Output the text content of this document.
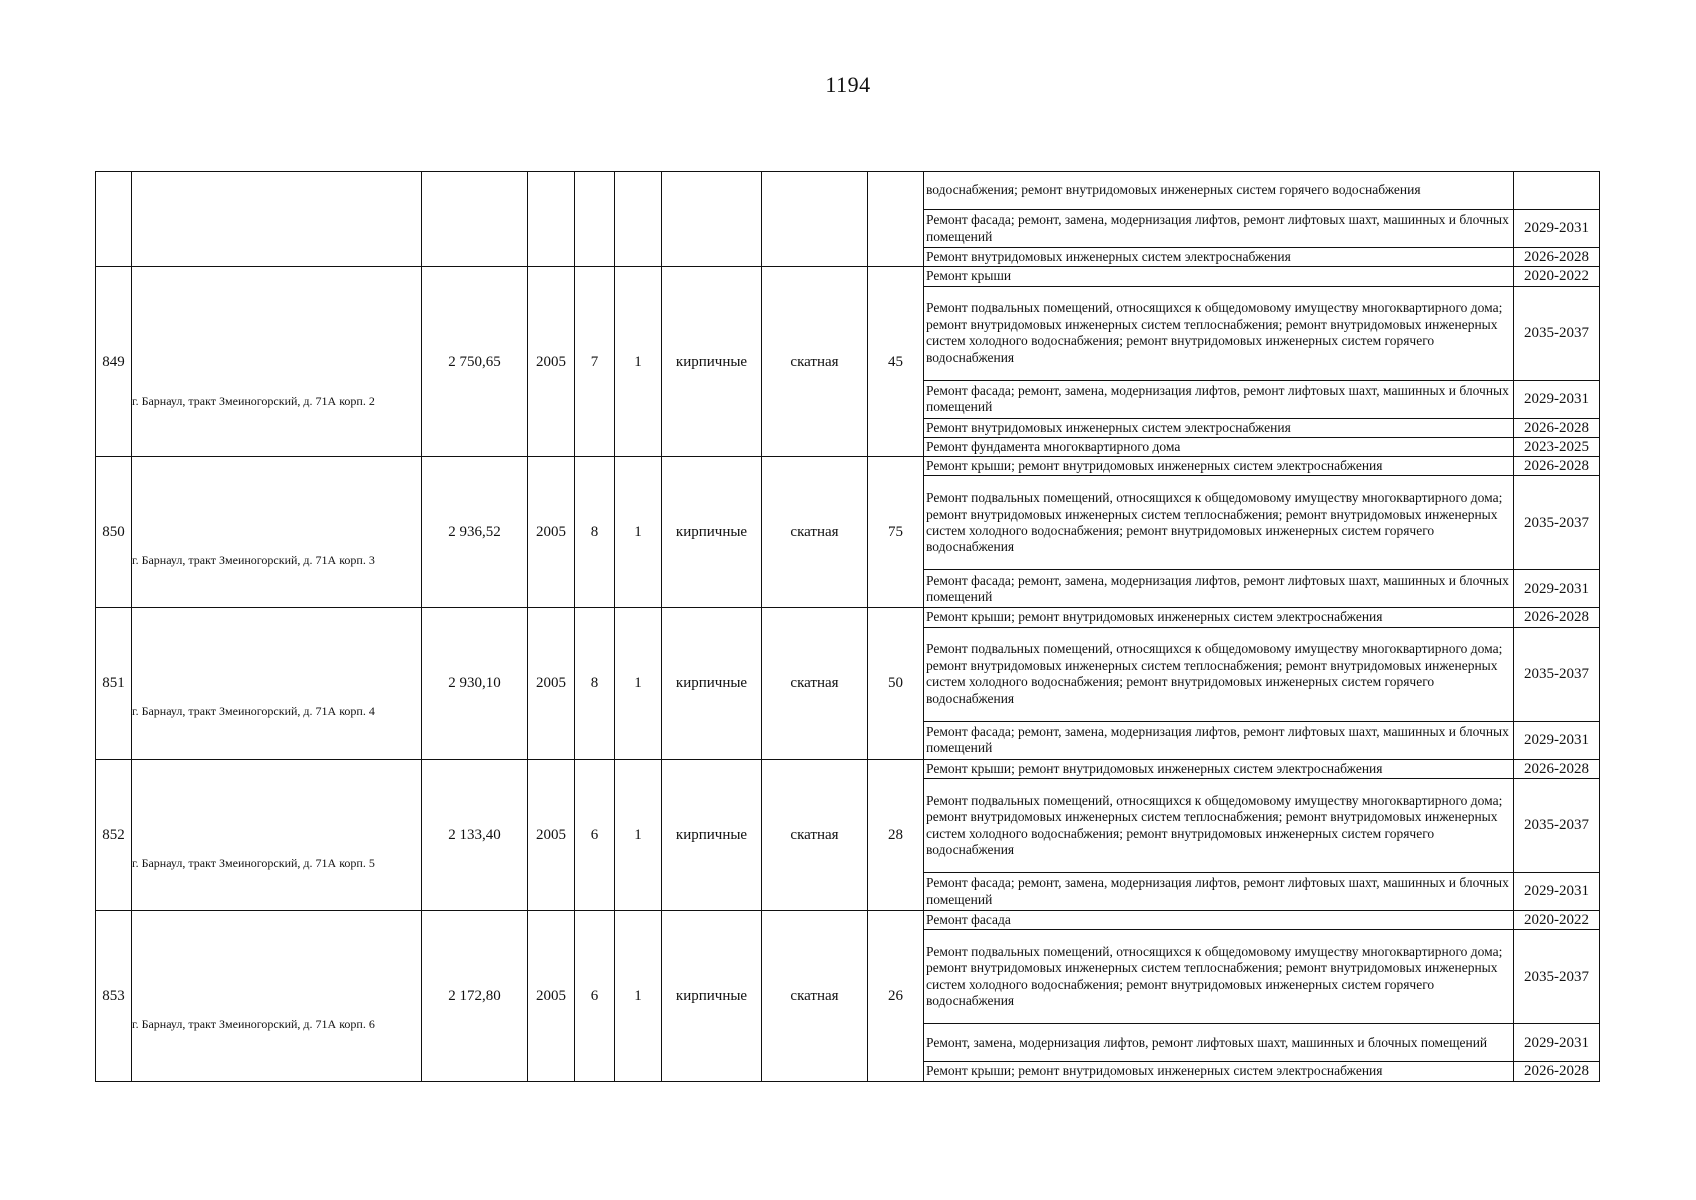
1194
									водоснабжения; ремонт внутридомовых инженерных систем горячего водоснабжения	
									Ремонт фасада; ремонт, замена, модернизация лифтов, ремонт лифтовых шахт, машинных и блочных помещений	2029-2031
									Ремонт внутридомовых инженерных систем электроснабжения	2026-2028
849	г. Барнаул, тракт Змеиногорский, д. 71А корп. 2	2 750,65	2005	7	1	кирпичные	скатная	45	Ремонт крыши	2020-2022
									Ремонт подвальных помещений, относящихся к общедомовому имуществу многоквартирного дома; ремонт внутридомовых инженерных систем теплоснабжения; ремонт внутридомовых инженерных систем холодного водоснабжения; ремонт внутридомовых инженерных систем горячего водоснабжения	2035-2037
									Ремонт фасада; ремонт, замена, модернизация лифтов, ремонт лифтовых шахт, машинных и блочных помещений	2029-2031
									Ремонт внутридомовых инженерных систем электроснабжения	2026-2028
									Ремонт фундамента многоквартирного дома	2023-2025
850	г. Барнаул, тракт Змеиногорский, д. 71А корп. 3	2 936,52	2005	8	1	кирпичные	скатная	75	Ремонт крыши; ремонт внутридомовых инженерных систем электроснабжения	2026-2028
									Ремонт подвальных помещений, относящихся к общедомовому имуществу многоквартирного дома; ремонт внутридомовых инженерных систем теплоснабжения; ремонт внутридомовых инженерных систем холодного водоснабжения; ремонт внутридомовых инженерных систем горячего водоснабжения	2035-2037
									Ремонт фасада; ремонт, замена, модернизация лифтов, ремонт лифтовых шахт, машинных и блочных помещений	2029-2031
851	г. Барнаул, тракт Змеиногорский, д. 71А корп. 4	2 930,10	2005	8	1	кирпичные	скатная	50	Ремонт крыши; ремонт внутридомовых инженерных систем электроснабжения	2026-2028
									Ремонт подвальных помещений, относящихся к общедомовому имуществу многоквартирного дома; ремонт внутридомовых инженерных систем теплоснабжения; ремонт внутридомовых инженерных систем холодного водоснабжения; ремонт внутридомовых инженерных систем горячего водоснабжения	2035-2037
									Ремонт фасада; ремонт, замена, модернизация лифтов, ремонт лифтовых шахт, машинных и блочных помещений	2029-2031
852	г. Барнаул, тракт Змеиногорский, д. 71А корп. 5	2 133,40	2005	6	1	кирпичные	скатная	28	Ремонт крыши; ремонт внутридомовых инженерных систем электроснабжения	2026-2028
									Ремонт подвальных помещений, относящихся к общедомовому имуществу многоквартирного дома; ремонт внутридомовых инженерных систем теплоснабжения; ремонт внутридомовых инженерных систем холодного водоснабжения; ремонт внутридомовых инженерных систем горячего водоснабжения	2035-2037
									Ремонт фасада; ремонт, замена, модернизация лифтов, ремонт лифтовых шахт, машинных и блочных помещений	2029-2031
853	г. Барнаул, тракт Змеиногорский, д. 71А корп. 6	2 172,80	2005	6	1	кирпичные	скатная	26	Ремонт фасада	2020-2022
									Ремонт подвальных помещений, относящихся к общедомовому имуществу многоквартирного дома; ремонт внутридомовых инженерных систем теплоснабжения; ремонт внутридомовых инженерных систем холодного водоснабжения; ремонт внутридомовых инженерных систем горячего водоснабжения	2035-2037
									Ремонт, замена, модернизация лифтов, ремонт лифтовых шахт, машинных и блочных помещений	2029-2031
									Ремонт крыши; ремонт внутридомовых инженерных систем электроснабжения	2026-2028
